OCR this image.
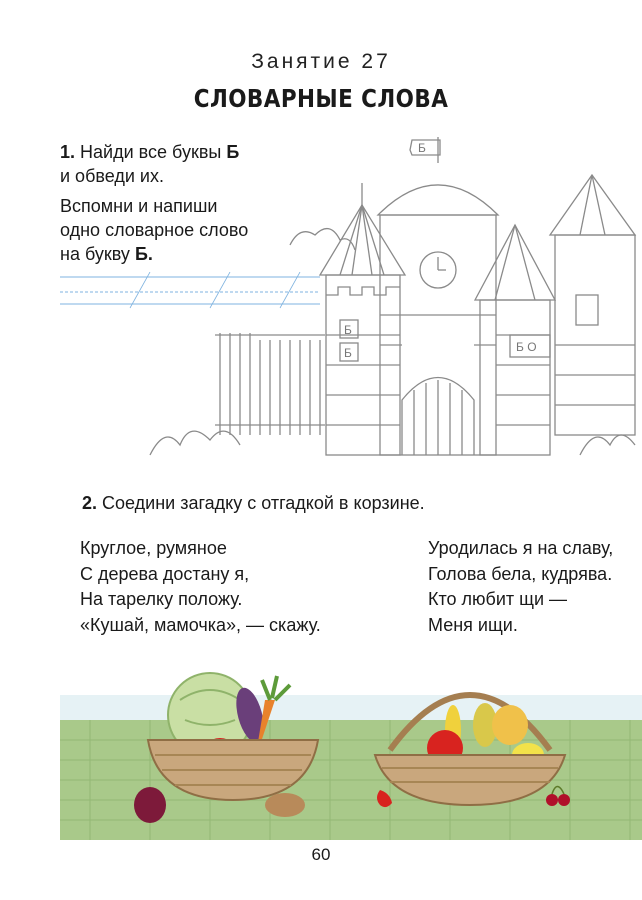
Занятие 27
СЛОВАРНЫЕ СЛОВА

1. Найди все буквы Б

и обведи их.

Вспомни и напиши

одно словарное слово

на букву Б.

Б
Б
Б	Б О
2. Соедини загадку с отгадкой в корзине.

Круглое, румяное

С дерева достану я,

На тарелку положу.

«Кушай, мамочка», — скажу.

Уродилась я на славу,

Голова бела, кудрява.

Кто любит щи —

Меня ищи.

60
